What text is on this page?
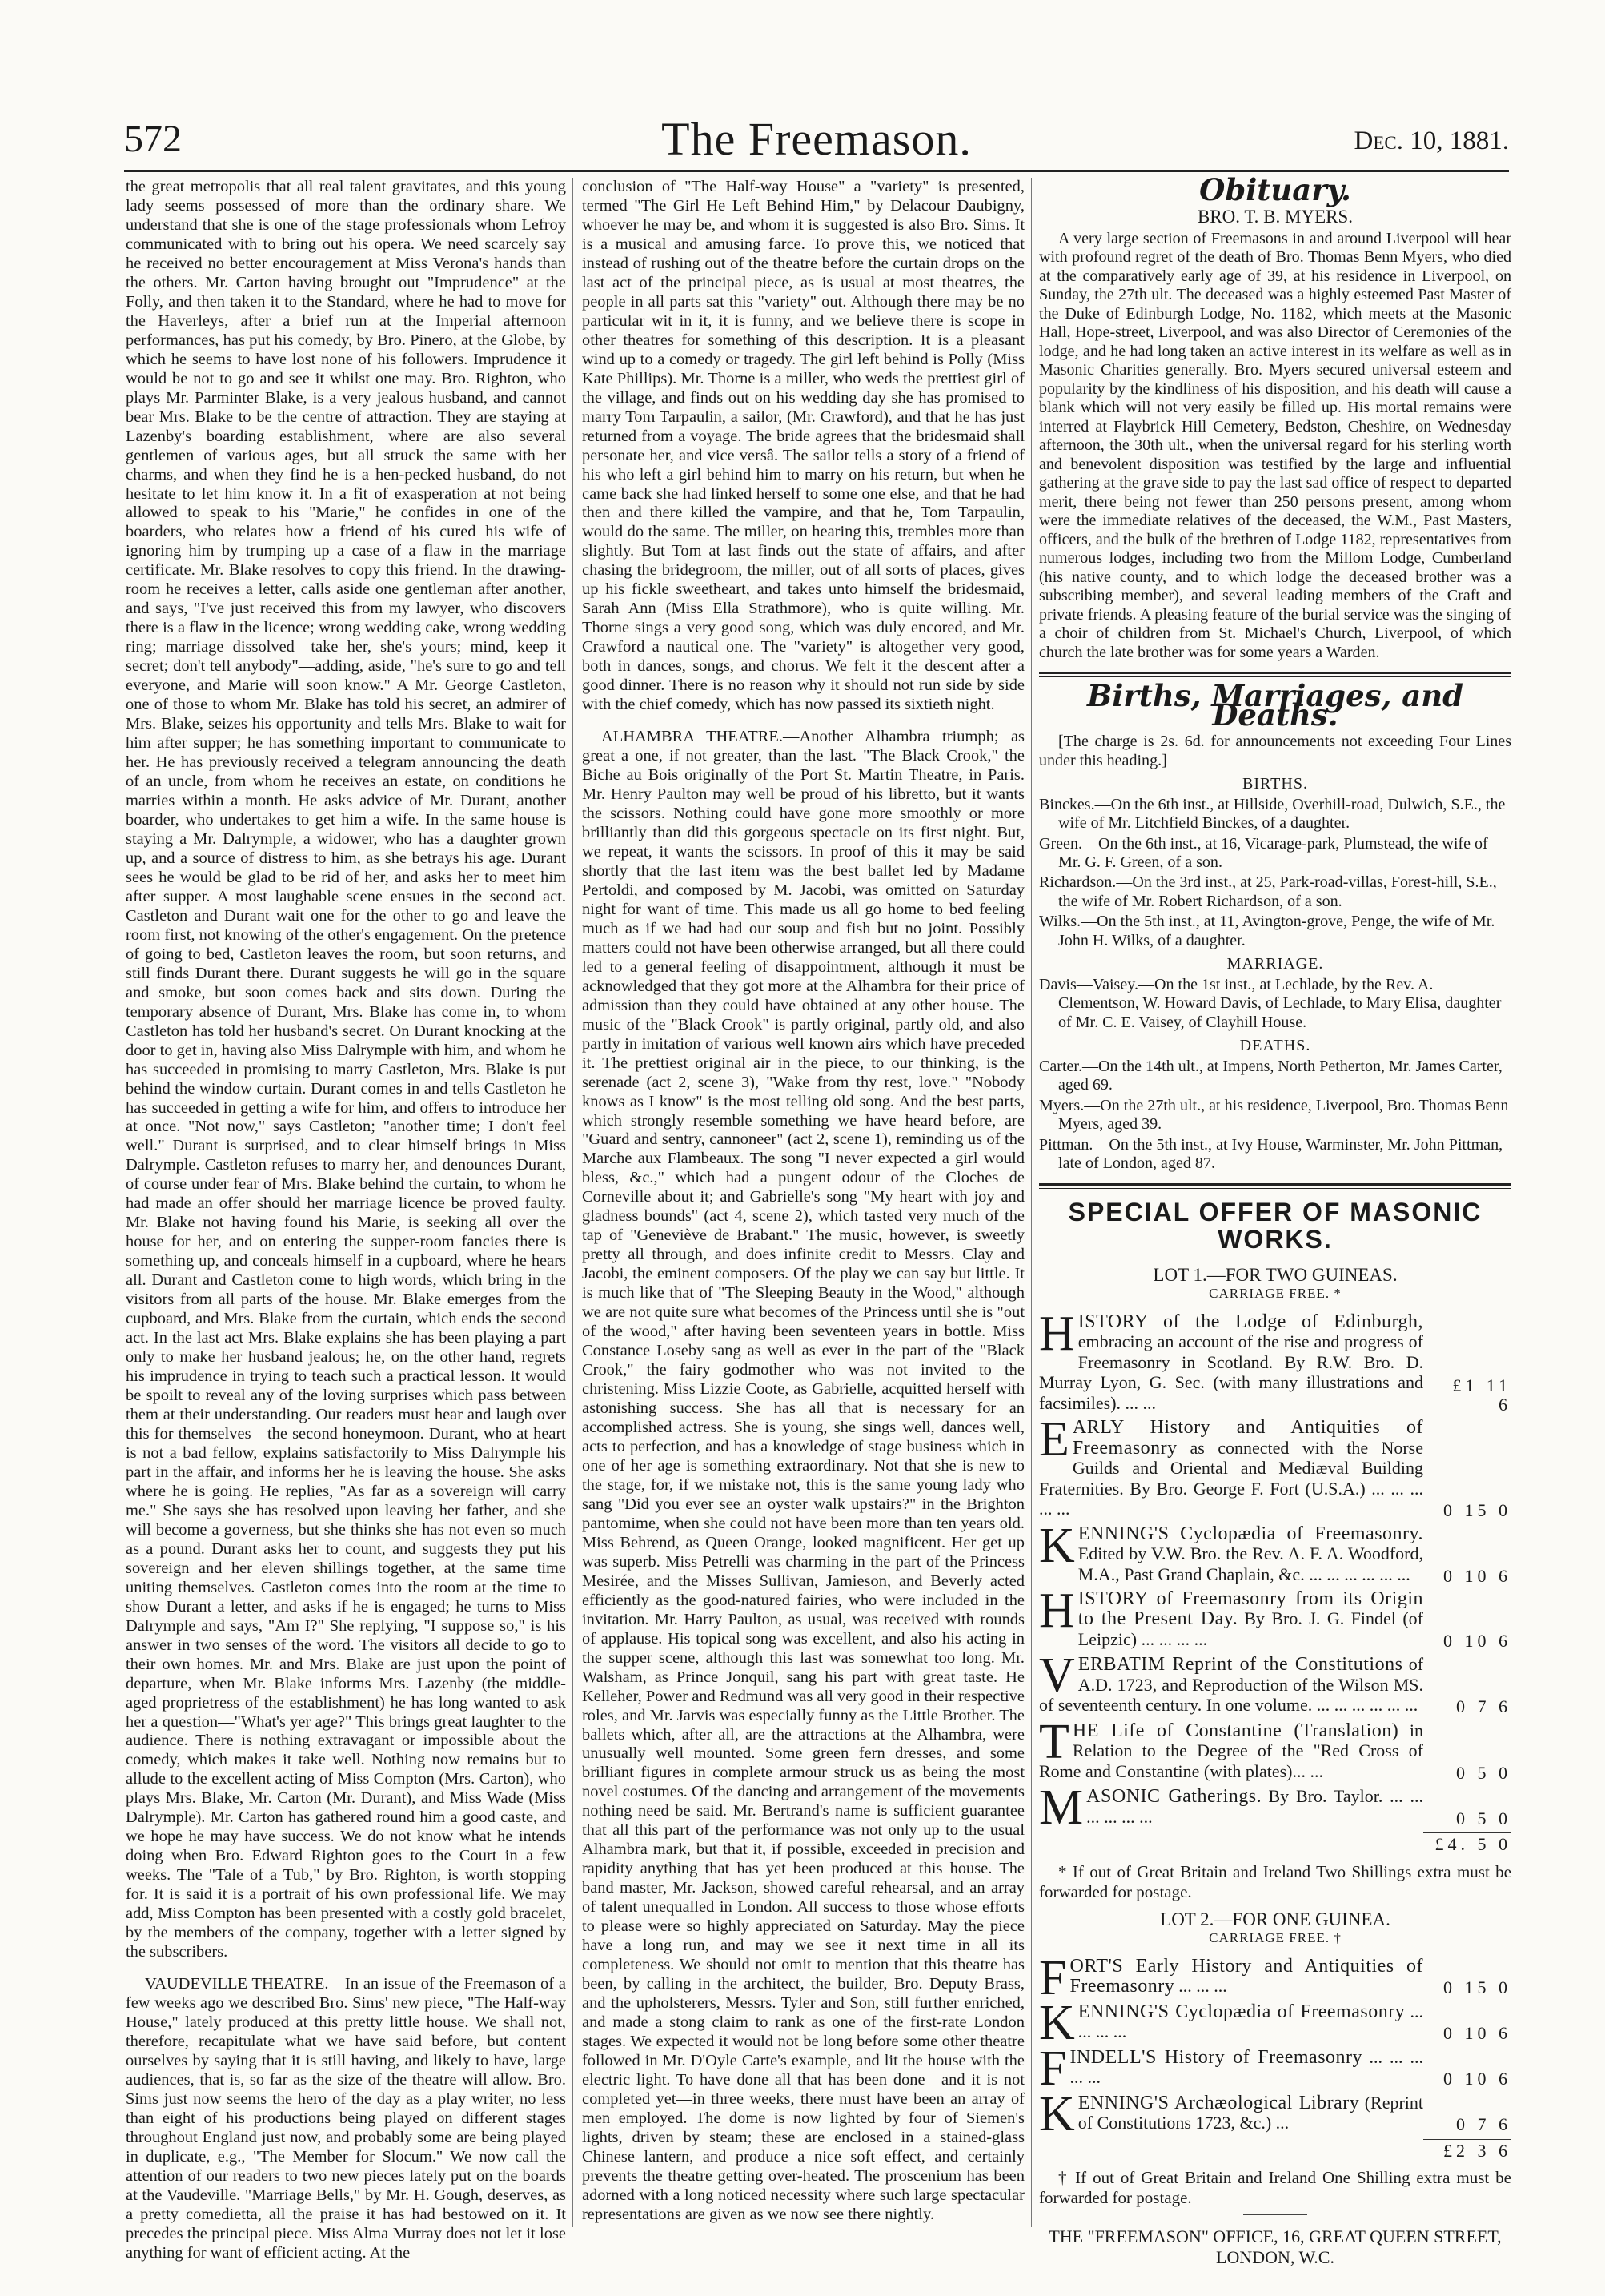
572	The Freemason.	Dec. 10, 1881.

the great metropolis that all real talent gravitates, and this young lady seems possessed of more than the ordinary share. We understand that she is one of the stage professionals whom Lefroy communicated with to bring out his opera. We need scarcely say he received no better encouragement at Miss Verona's hands than the others. Mr. Carton having brought out "Imprudence" at the Folly, and then taken it to the Standard, where he had to move for the Haverleys, after a brief run at the Imperial afternoon performances, has put his comedy, by Bro. Pinero, at the Globe, by which he seems to have lost none of his followers. Imprudence it would be not to go and see it whilst one may. Bro. Righton, who plays Mr. Parminter Blake, is a very jealous husband, and cannot bear Mrs. Blake to be the centre of attraction. They are staying at Lazenby's boarding establishment, where are also several gentlemen of various ages, but all struck the same with her charms, and when they find he is a hen-pecked husband, do not hesitate to let him know it. In a fit of exasperation at not being allowed to speak to his "Marie," he confides in one of the boarders, who relates how a friend of his cured his wife of ignoring him by trumping up a case of a flaw in the marriage certificate. Mr. Blake resolves to copy this friend. In the drawing-room he receives a letter, calls aside one gentleman after another, and says, "I've just received this from my lawyer, who discovers there is a flaw in the licence; wrong wedding cake, wrong wedding ring; marriage dissolved—take her, she's yours; mind, keep it secret; don't tell anybody"—adding, aside, "he's sure to go and tell everyone, and Marie will soon know." A Mr. George Castleton, one of those to whom Mr. Blake has told his secret, an admirer of Mrs. Blake, seizes his opportunity and tells Mrs. Blake to wait for him after supper; he has something important to communicate to her. He has previously received a telegram announcing the death of an uncle, from whom he receives an estate, on conditions he marries within a month. He asks advice of Mr. Durant, another boarder, who undertakes to get him a wife. In the same house is staying a Mr. Dalrymple, a widower, who has a daughter grown up, and a source of distress to him, as she betrays his age. Durant sees he would be glad to be rid of her, and asks her to meet him after supper. A most laughable scene ensues in the second act. Castleton and Durant wait one for the other to go and leave the room first, not knowing of the other's engagement. On the pretence of going to bed, Castleton leaves the room, but soon returns, and still finds Durant there. Durant suggests he will go in the square and smoke, but soon comes back and sits down. During the temporary absence of Durant, Mrs. Blake has come in, to whom Castleton has told her husband's secret. On Durant knocking at the door to get in, having also Miss Dalrymple with him, and whom he has succeeded in promising to marry Castleton, Mrs. Blake is put behind the window curtain. Durant comes in and tells Castleton he has succeeded in getting a wife for him, and offers to introduce her at once. "Not now," says Castleton; "another time; I don't feel well." Durant is surprised, and to clear himself brings in Miss Dalrymple. Castleton refuses to marry her, and denounces Durant, of course under fear of Mrs. Blake behind the curtain, to whom he had made an offer should her marriage licence be proved faulty. Mr. Blake not having found his Marie, is seeking all over the house for her, and on entering the supper-room fancies there is something up, and conceals himself in a cupboard, where he hears all. Durant and Castleton come to high words, which bring in the visitors from all parts of the house. Mr. Blake emerges from the cupboard, and Mrs. Blake from the curtain, which ends the second act. In the last act Mrs. Blake explains she has been playing a part only to make her husband jealous; he, on the other hand, regrets his imprudence in trying to teach such a practical lesson. It would be spoilt to reveal any of the loving surprises which pass between them at their understanding. Our readers must hear and laugh over this for themselves—the second honeymoon. Durant, who at heart is not a bad fellow, explains satisfactorily to Miss Dalrymple his part in the affair, and informs her he is leaving the house. She asks where he is going. He replies, "As far as a sovereign will carry me." She says she has resolved upon leaving her father, and she will become a governess, but she thinks she has not even so much as a pound. Durant asks her to count, and suggests they put his sovereign and her eleven shillings together, at the same time uniting themselves. Castleton comes into the room at the time to show Durant a letter, and asks if he is engaged; he turns to Miss Dalrymple and says, "Am I?" She replying, "I suppose so," is his answer in two senses of the word. The visitors all decide to go to their own homes. Mr. and Mrs. Blake are just upon the point of departure, when Mr. Blake informs Mrs. Lazenby (the middle-aged proprietress of the establishment) he has long wanted to ask her a question—"What's yer age?" This brings great laughter to the audience. There is nothing extravagant or impossible about the comedy, which makes it take well. Nothing now remains but to allude to the excellent acting of Miss Compton (Mrs. Carton), who plays Mrs. Blake, Mr. Carton (Mr. Durant), and Miss Wade (Miss Dalrymple). Mr. Carton has gathered round him a good caste, and we hope he may have success. We do not know what he intends doing when Bro. Edward Righton goes to the Court in a few weeks. The "Tale of a Tub," by Bro. Righton, is worth stopping for. It is said it is a portrait of his own professional life. We may add, Miss Compton has been presented with a costly gold bracelet, by the members of the company, together with a letter signed by the subscribers.

VAUDEVILLE THEATRE.—In an issue of the Freemason of a few weeks ago we described Bro. Sims' new piece, "The Half-way House," lately produced at this pretty little house. We shall not, therefore, recapitulate what we have said before, but content ourselves by saying that it is still having, and likely to have, large audiences, that is, so far as the size of the theatre will allow. Bro. Sims just now seems the hero of the day as a play writer, no less than eight of his productions being played on different stages throughout England just now, and probably some are being played in duplicate, e.g., "The Member for Slocum." We now call the attention of our readers to two new pieces lately put on the boards at the Vaudeville. "Marriage Bells," by Mr. H. Gough, deserves, as a pretty comedietta, all the praise it has had bestowed on it. It precedes the principal piece. Miss Alma Murray does not let it lose anything for want of efficient acting. At the

conclusion of "The Half-way House" a "variety" is presented, termed "The Girl He Left Behind Him," by Delacour Daubigny, whoever he may be, and whom it is suggested is also Bro. Sims. It is a musical and amusing farce. To prove this, we noticed that instead of rushing out of the theatre before the curtain drops on the last act of the principal piece, as is usual at most theatres, the people in all parts sat this "variety" out. Although there may be no particular wit in it, it is funny, and we believe there is scope in other theatres for something of this description. It is a pleasant wind up to a comedy or tragedy. The girl left behind is Polly (Miss Kate Phillips). Mr. Thorne is a miller, who weds the prettiest girl of the village, and finds out on his wedding day she has promised to marry Tom Tarpaulin, a sailor, (Mr. Crawford), and that he has just returned from a voyage. The bride agrees that the bridesmaid shall personate her, and vice versâ. The sailor tells a story of a friend of his who left a girl behind him to marry on his return, but when he came back she had linked herself to some one else, and that he had then and there killed the vampire, and that he, Tom Tarpaulin, would do the same. The miller, on hearing this, trembles more than slightly. But Tom at last finds out the state of affairs, and after chasing the bridegroom, the miller, out of all sorts of places, gives up his fickle sweetheart, and takes unto himself the bridesmaid, Sarah Ann (Miss Ella Strathmore), who is quite willing. Mr. Thorne sings a very good song, which was duly encored, and Mr. Crawford a nautical one. The "variety" is altogether very good, both in dances, songs, and chorus. We felt it the descent after a good dinner. There is no reason why it should not run side by side with the chief comedy, which has now passed its sixtieth night.

ALHAMBRA THEATRE.—Another Alhambra triumph; as great a one, if not greater, than the last. "The Black Crook," the Biche au Bois originally of the Port St. Martin Theatre, in Paris. Mr. Henry Paulton may well be proud of his libretto, but it wants the scissors. Nothing could have gone more smoothly or more brilliantly than did this gorgeous spectacle on its first night. But, we repeat, it wants the scissors. In proof of this it may be said shortly that the last item was the best ballet led by Madame Pertoldi, and composed by M. Jacobi, was omitted on Saturday night for want of time. This made us all go home to bed feeling much as if we had had our soup and fish but no joint. Possibly matters could not have been otherwise arranged, but all there could led to a general feeling of disappointment, although it must be acknowledged that they got more at the Alhambra for their price of admission than they could have obtained at any other house. The music of the "Black Crook" is partly original, partly old, and also partly in imitation of various well known airs which have preceded it. The prettiest original air in the piece, to our thinking, is the serenade (act 2, scene 3), "Wake from thy rest, love." "Nobody knows as I know" is the most telling old song. And the best parts, which strongly resemble something we have heard before, are "Guard and sentry, cannoneer" (act 2, scene 1), reminding us of the Marche aux Flambeaux. The song "I never expected a girl would bless, &c.," which had a pungent odour of the Cloches de Corneville about it; and Gabrielle's song "My heart with joy and gladness bounds" (act 4, scene 2), which tasted very much of the tap of "Geneviève de Brabant." The music, however, is sweetly pretty all through, and does infinite credit to Messrs. Clay and Jacobi, the eminent composers. Of the play we can say but little. It is much like that of "The Sleeping Beauty in the Wood," although we are not quite sure what becomes of the Princess until she is "out of the wood," after having been seventeen years in bottle. Miss Constance Loseby sang as well as ever in the part of the "Black Crook," the fairy godmother who was not invited to the christening. Miss Lizzie Coote, as Gabrielle, acquitted herself with astonishing success. She has all that is necessary for an accomplished actress. She is young, she sings well, dances well, acts to perfection, and has a knowledge of stage business which in one of her age is something extraordinary. Not that she is new to the stage, for, if we mistake not, this is the same young lady who sang "Did you ever see an oyster walk upstairs?" in the Brighton pantomime, when she could not have been more than ten years old. Miss Behrend, as Queen Orange, looked magnificent. Her get up was superb. Miss Petrelli was charming in the part of the Princess Mesirée, and the Misses Sullivan, Jamieson, and Beverly acted efficiently as the good-natured fairies, who were included in the invitation. Mr. Harry Paulton, as usual, was received with rounds of applause. His topical song was excellent, and also his acting in the supper scene, although this last was somewhat too long. Mr. Walsham, as Prince Jonquil, sang his part with great taste. He Kelleher, Power and Redmund was all very good in their respective roles, and Mr. Jarvis was especially funny as the Little Brother. The ballets which, after all, are the attractions at the Alhambra, were unusually well mounted. Some green fern dresses, and some brilliant figures in complete armour struck us as being the most novel costumes. Of the dancing and arrangement of the movements nothing need be said. Mr. Bertrand's name is sufficient guarantee that all this part of the performance was not only up to the usual Alhambra mark, but that it, if possible, exceeded in precision and rapidity anything that has yet been produced at this house. The band master, Mr. Jackson, showed careful rehearsal, and an array of talent unequalled in London. All success to those whose efforts to please were so highly appreciated on Saturday. May the piece have a long run, and may we see it next time in all its completeness. We should not omit to mention that this theatre has been, by calling in the architect, the builder, Bro. Deputy Brass, and the upholsterers, Messrs. Tyler and Son, still further enriched, and made a stong claim to rank as one of the first-rate London stages. We expected it would not be long before some other theatre followed in Mr. D'Oyle Carte's example, and lit the house with the electric light. To have done all that has been done—and it is not completed yet—in three weeks, there must have been an array of men employed. The dome is now lighted by four of Siemen's lights, driven by steam; these are enclosed in a stained-glass Chinese lantern, and produce a nice soft effect, and certainly prevents the theatre getting over-heated. The proscenium has been adorned with a long noticed necessity where such large spectacular representations are given as we now see there nightly.

Obituary.
BRO. T. B. MYERS.

A very large section of Freemasons in and around Liverpool will hear with profound regret of the death of Bro. Thomas Benn Myers, who died at the comparatively early age of 39, at his residence in Liverpool, on Sunday, the 27th ult. The deceased was a highly esteemed Past Master of the Duke of Edinburgh Lodge, No. 1182, which meets at the Masonic Hall, Hope-street, Liverpool, and was also Director of Ceremonies of the lodge, and he had long taken an active interest in its welfare as well as in Masonic Charities generally. Bro. Myers secured universal esteem and popularity by the kindliness of his disposition, and his death will cause a blank which will not very easily be filled up. His mortal remains were interred at Flaybrick Hill Cemetery, Bedston, Cheshire, on Wednesday afternoon, the 30th ult., when the universal regard for his sterling worth and benevolent disposition was testified by the large and influential gathering at the grave side to pay the last sad office of respect to departed merit, there being not fewer than 250 persons present, among whom were the immediate relatives of the deceased, the W.M., Past Masters, officers, and the bulk of the brethren of Lodge 1182, representatives from numerous lodges, including two from the Millom Lodge, Cumberland (his native county, and to which lodge the deceased brother was a subscribing member), and several leading members of the Craft and private friends. A pleasing feature of the burial service was the singing of a choir of children from St. Michael's Church, Liverpool, of which church the late brother was for some years a Warden.

Births, Marriages, and Deaths.

[The charge is 2s. 6d. for announcements not exceeding Four Lines under this heading.]

BIRTHS.

Binckes.—On the 6th inst., at Hillside, Overhill-road, Dulwich, S.E., the wife of Mr. Litchfield Binckes, of a daughter.

Green.—On the 6th inst., at 16, Vicarage-park, Plumstead, the wife of Mr. G. F. Green, of a son.

Richardson.—On the 3rd inst., at 25, Park-road-villas, Forest-hill, S.E., the wife of Mr. Robert Richardson, of a son.

Wilks.—On the 5th inst., at 11, Avington-grove, Penge, the wife of Mr. John H. Wilks, of a daughter.

MARRIAGE.

Davis—Vaisey.—On the 1st inst., at Lechlade, by the Rev. A. Clementson, W. Howard Davis, of Lechlade, to Mary Elisa, daughter of Mr. C. E. Vaisey, of Clayhill House.

DEATHS.

Carter.—On the 14th ult., at Impens, North Petherton, Mr. James Carter, aged 69.

Myers.—On the 27th ult., at his residence, Liverpool, Bro. Thomas Benn Myers, aged 39.

Pittman.—On the 5th inst., at Ivy House, Warminster, Mr. John Pittman, late of London, aged 87.

SPECIAL OFFER OF MASONIC WORKS.
LOT 1.—FOR TWO GUINEAS.
CARRIAGE FREE. *
HISTORY of the Lodge of Edinburgh, embracing an account of the rise and progress of Freemasonry in Scotland. By R.W. Bro. D. Murray Lyon, G. Sec. (with many illustrations and facsimiles). ... ...
£1 11 6
EARLY History and Antiquities of Freemasonry as connected with the Norse Guilds and Oriental and Mediæval Building Fraternities. By Bro. George F. Fort (U.S.A.) ... ... ... ... ...	0 15 0
KENNING'S Cyclopædia of Freemasonry. Edited by V.W. Bro. the Rev. A. F. A. Woodford, M.A., Past Grand Chaplain, &c. ... ... ... ... ... ...	0 10 6
HISTORY of Freemasonry from its Origin to the Present Day. By Bro. J. G. Findel (of Leipzic) ... ... ... ...	0 10 6
VERBATIM Reprint of the Constitutions of A.D. 1723, and Reproduction of the Wilson MS. of seventeenth century. In one volume. ... ... ... ... ... ...	0 7 6
THE Life of Constantine (Translation) in Relation to the Degree of the "Red Cross of Rome and Constantine (with plates)... ...	0 5 0
MASONIC Gatherings. By Bro. Taylor. ... ... ... ... ... ...	0 5 0
£4. 5 0

* If out of Great Britain and Ireland Two Shillings extra must be forwarded for postage.

LOT 2.—FOR ONE GUINEA.
CARRIAGE FREE. †
FORT'S Early History and Antiquities of Freemasonry ... ... ...	0 15 0
KENNING'S Cyclopædia of Freemasonry ... ... ... ...	0 10 6
FINDELL'S History of Freemasonry ... ... ... ... ...	0 10 6
KENNING'S Archæological Library (Reprint of Constitutions 1723, &c.) ...	0 7 6
£2 3 6

† If out of Great Britain and Ireland One Shilling extra must be forwarded for postage.

THE "FREEMASON" OFFICE, 16, GREAT QUEEN STREET, LONDON, W.C.
